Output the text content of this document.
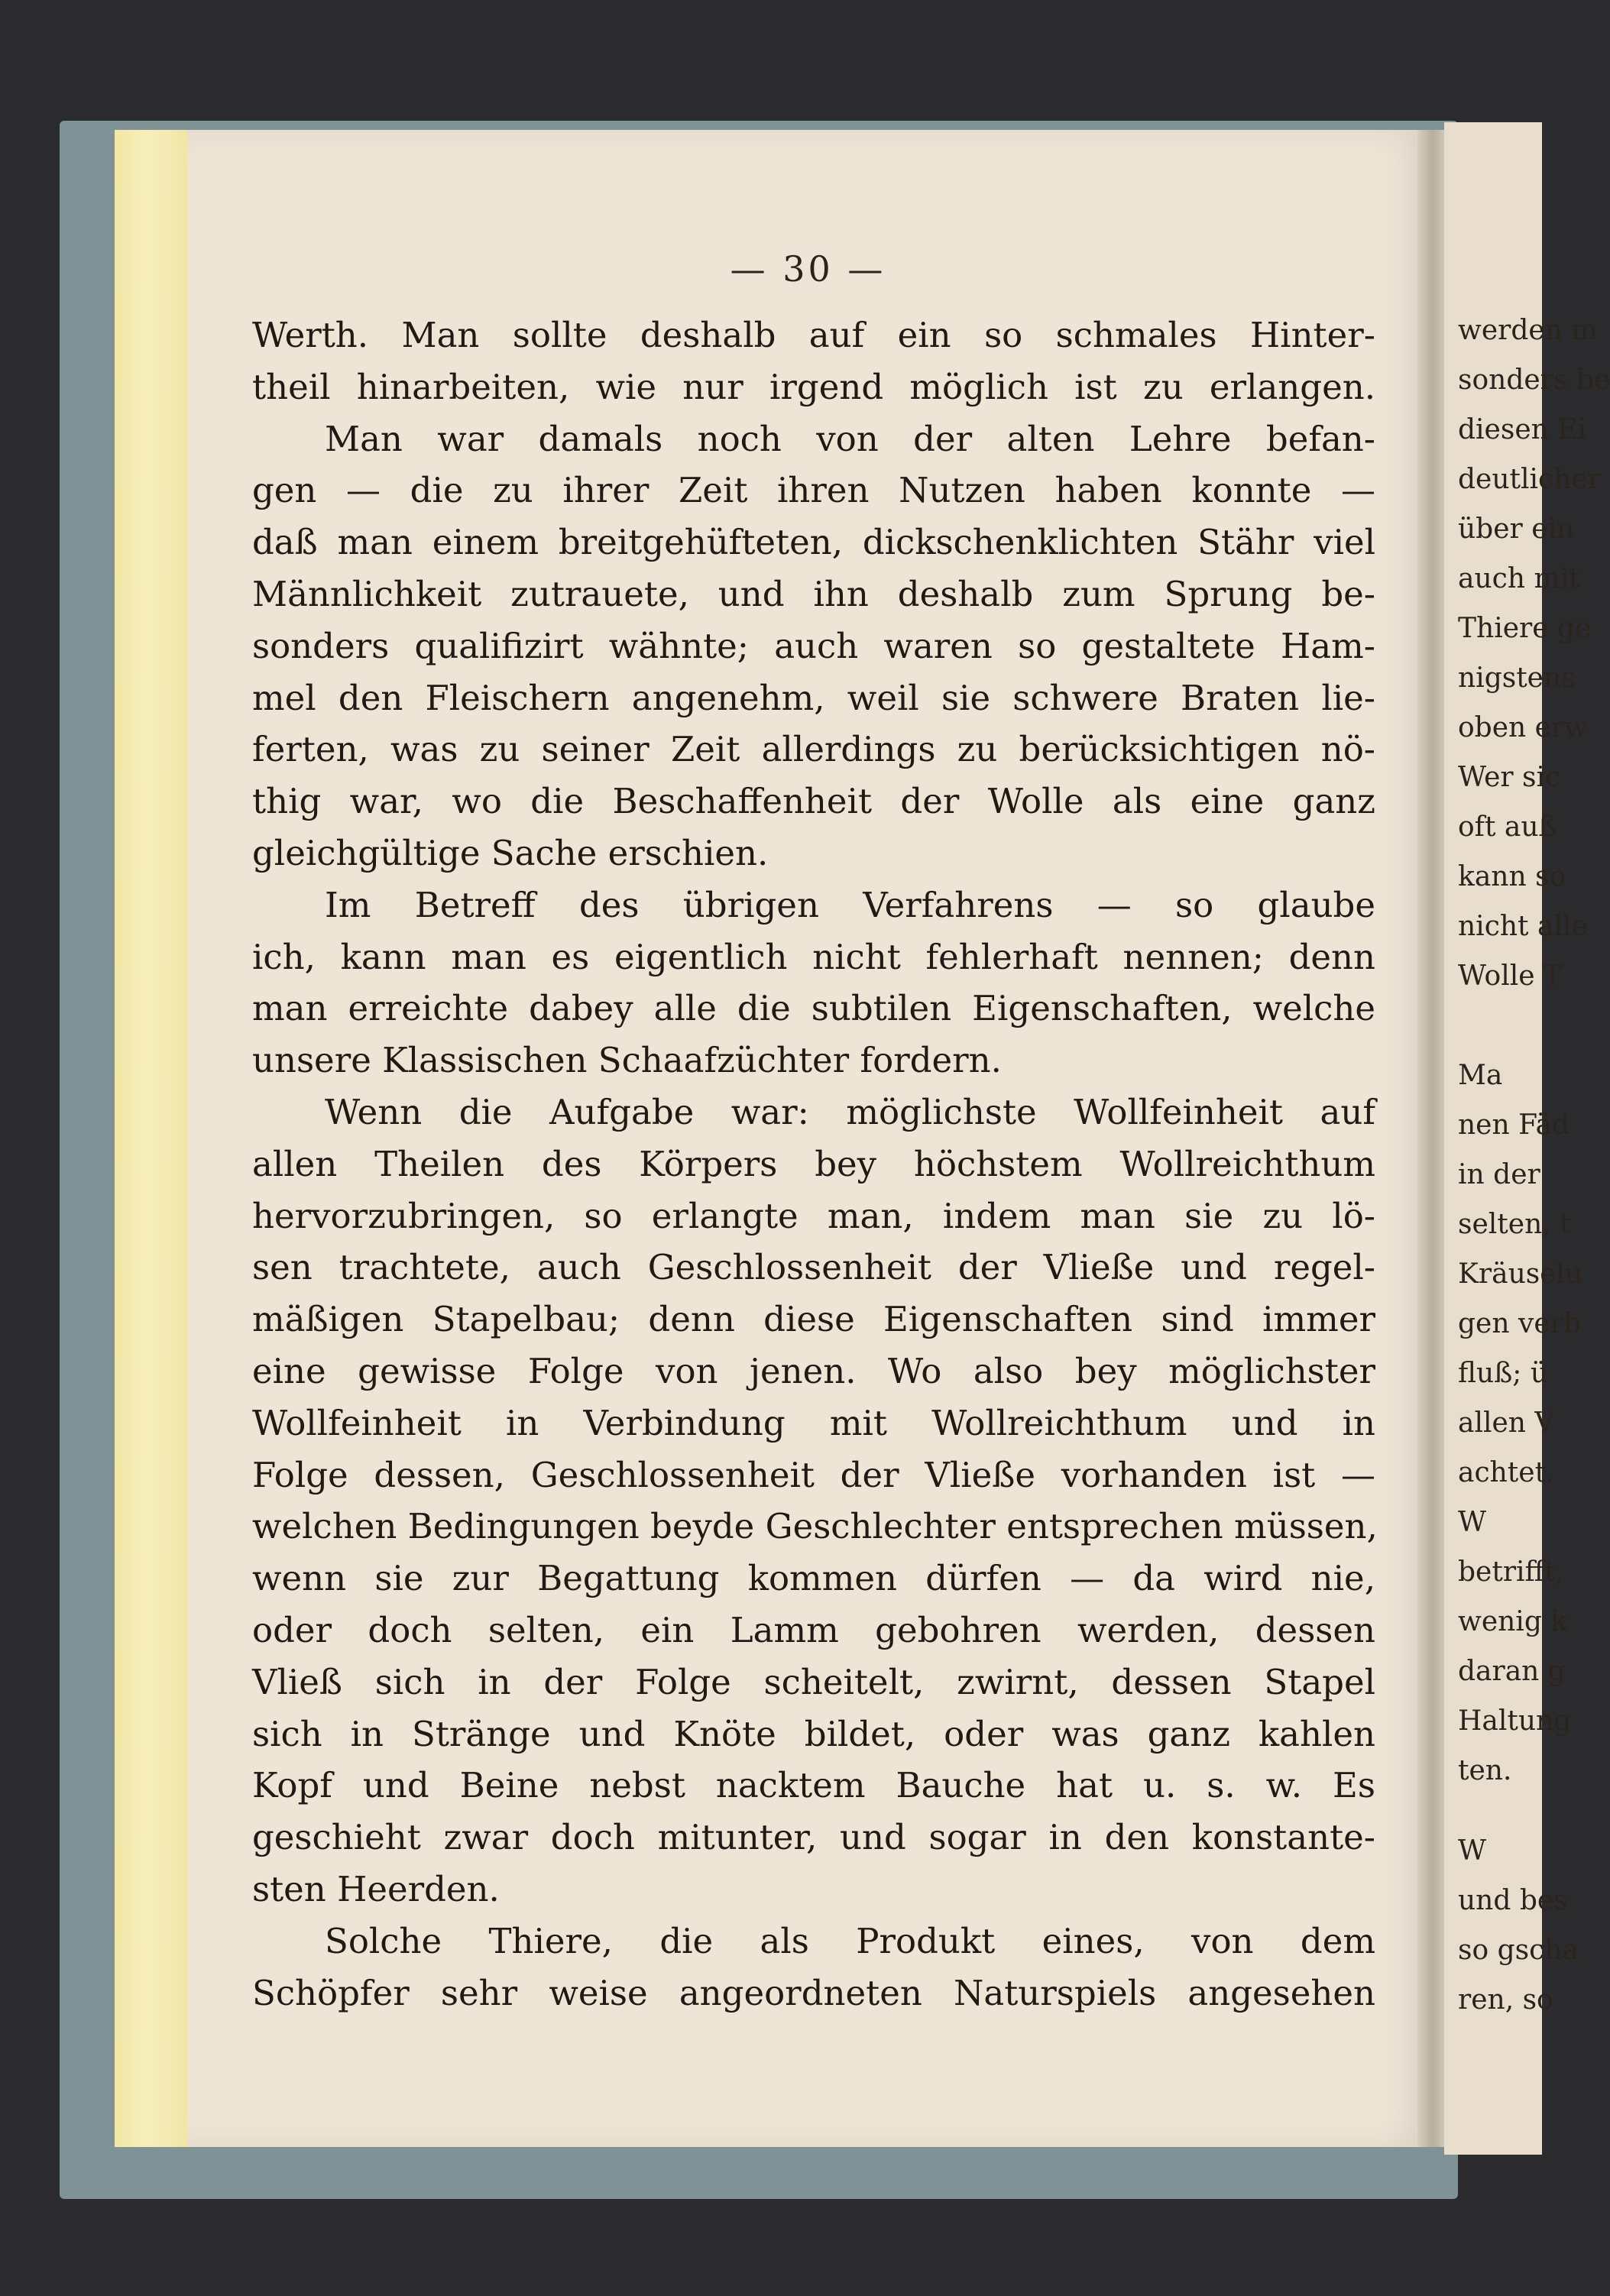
— 30 —
Werth. Man sollte deshalb auf ein so schmales Hinter-
theil hinarbeiten, wie nur irgend möglich ist zu erlangen.
Man war damals noch von der alten Lehre befan-
gen — die zu ihrer Zeit ihren Nutzen haben konnte —
daß man einem breitgehüfteten, dickschenklichten Stähr viel
Männlichkeit zutrauete, und ihn deshalb zum Sprung be-
sonders qualifizirt wähnte; auch waren so gestaltete Ham-
mel den Fleischern angenehm, weil sie schwere Braten lie-
ferten, was zu seiner Zeit allerdings zu berücksichtigen nö-
thig war, wo die Beschaffenheit der Wolle als eine ganz
gleichgültige Sache erschien.
Im Betreff des übrigen Verfahrens — so glaube
ich, kann man es eigentlich nicht fehlerhaft nennen; denn
man erreichte dabey alle die subtilen Eigenschaften, welche
unsere Klassischen Schaafzüchter fordern.
Wenn die Aufgabe war: möglichste Wollfeinheit auf
allen Theilen des Körpers bey höchstem Wollreichthum
hervorzubringen, so erlangte man, indem man sie zu lö-
sen trachtete, auch Geschlossenheit der Vließe und regel-
mäßigen Stapelbau; denn diese Eigenschaften sind immer
eine gewisse Folge von jenen. Wo also bey möglichster
Wollfeinheit in Verbindung mit Wollreichthum und in
Folge dessen, Geschlossenheit der Vließe vorhanden ist —
welchen Bedingungen beyde Geschlechter entsprechen müssen,
wenn sie zur Begattung kommen dürfen — da wird nie,
oder doch selten, ein Lamm gebohren werden, dessen
Vließ sich in der Folge scheitelt, zwirnt, dessen Stapel
sich in Stränge und Knöte bildet, oder was ganz kahlen
Kopf und Beine nebst nacktem Bauche hat u. s. w. Es
geschieht zwar doch mitunter, und sogar in den konstante-
sten Heerden.
Solche Thiere, die als Produkt eines, von dem
Schöpfer sehr weise angeordneten Naturspiels angesehen
werden m
sonders be
diesen Ei
deutlicher
über ein
auch mit
Thiere ge
nigstens
oben erw
Wer sic
oft auß
kann so
nicht alle
Wolle T
Ma
nen Fäd
in der
selten, t
Kräuselu
gen verb
fluß; ü
allen V
achtet.
W
betrifft,
wenig k
daran g
Haltung
ten.
W
und bes
so gscha
ren, so
